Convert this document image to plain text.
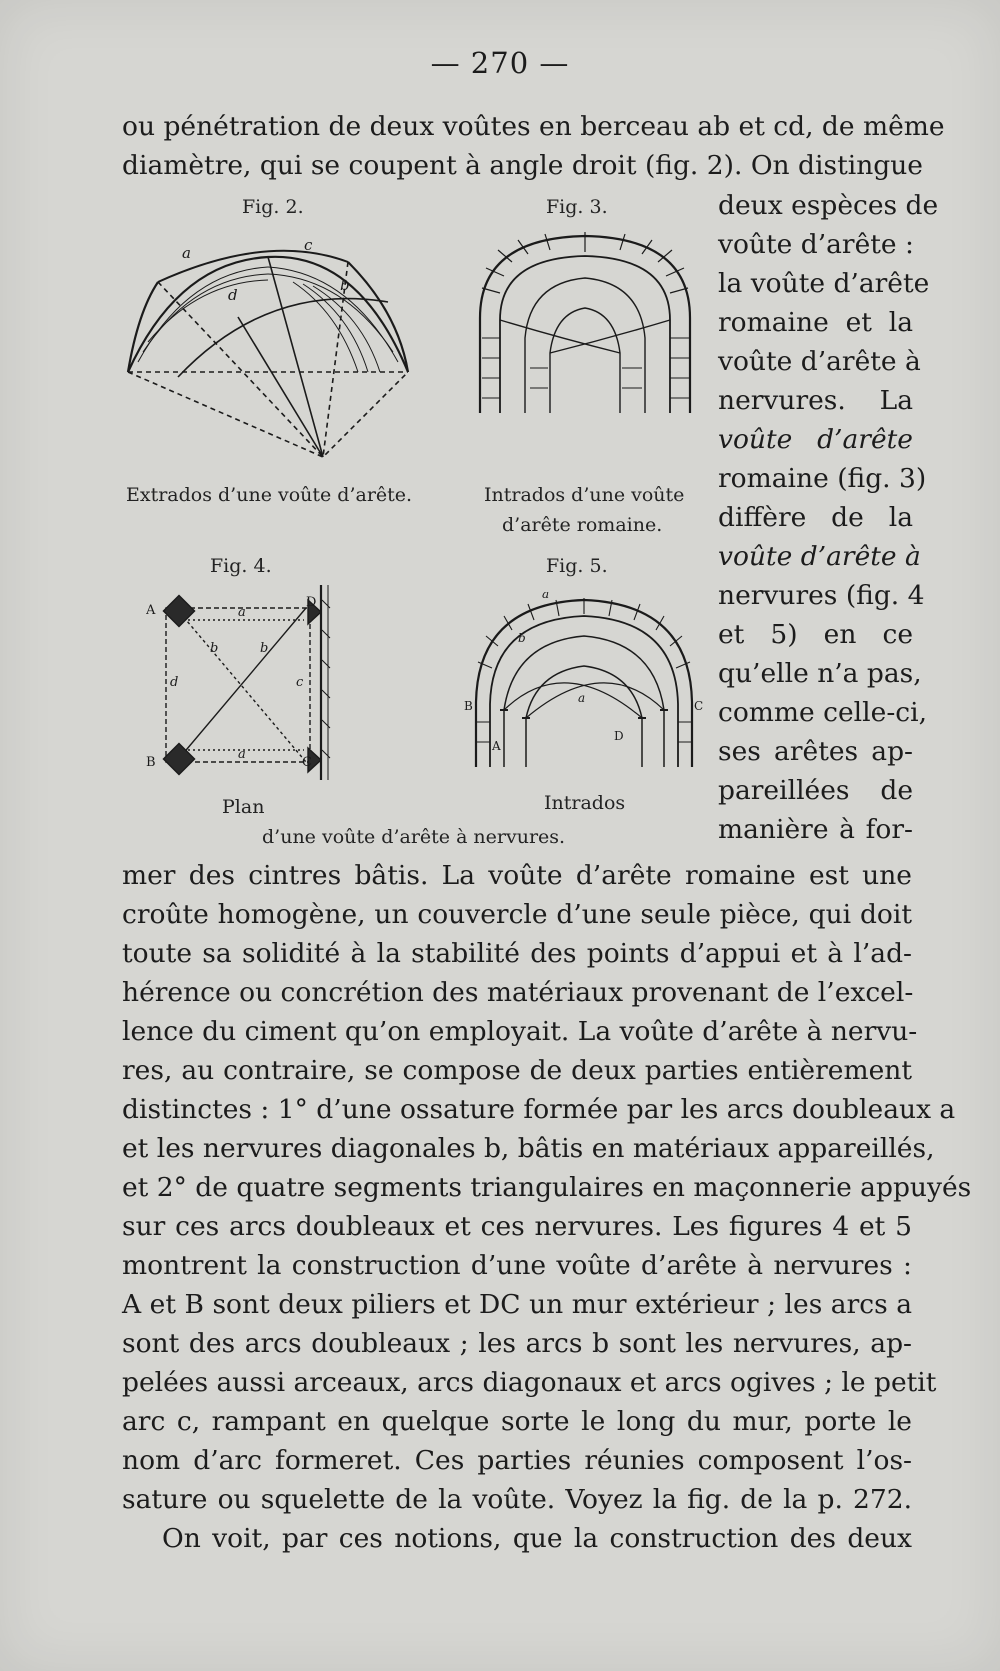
— 270 —
ou pénétration de deux voûtes en berceau ab et cd, de même
diamètre, qui se coupent à angle droit (fig. 2). On distingue
deux espèces de
voûte d’arête :
la voûte d’arête
romaine et la
voûte d’arête à
nervures. La
voûte d’arête
romaine (fig. 3)
diffère de la
voûte d’arête à
nervures (fig. 4
et 5) en ce
qu’elle n’a pas,
comme celle-ci,
ses arêtes ap-
pareillées de
manière à for-
Fig. 2.
a	c
d
b
Extrados d’une voûte d’arête.
Fig. 3.
Intrados d’une voûte
d’arête romaine.
Fig. 4.
A	a
D
b	b
d	c
B
a
C
Plan
Fig. 5.
a
b
B
a
C
A
D
Intrados
d’une voûte d’arête à nervures.
mer des cintres bâtis. La voûte d’arête romaine est une
croûte homogène, un couvercle d’une seule pièce, qui doit
toute sa solidité à la stabilité des points d’appui et à l’ad-
hérence ou concrétion des matériaux provenant de l’excel-
lence du ciment qu’on employait. La voûte d’arête à nervu-
res, au contraire, se compose de deux parties entièrement
distinctes : 1° d’une ossature formée par les arcs doubleaux a
et les nervures diagonales b, bâtis en matériaux appareillés,
et 2° de quatre segments triangulaires en maçonnerie appuyés
sur ces arcs doubleaux et ces nervures. Les figures 4 et 5
montrent la construction d’une voûte d’arête à nervures :
A et B sont deux piliers et DC un mur extérieur ; les arcs a
sont des arcs doubleaux ; les arcs b sont les nervures, ap-
pelées aussi arceaux, arcs diagonaux et arcs ogives ; le petit
arc c, rampant en quelque sorte le long du mur, porte le
nom d’arc formeret. Ces parties réunies composent l’os-
sature ou squelette de la voûte. Voyez la fig. de la p. 272.
On voit, par ces notions, que la construction des deux
